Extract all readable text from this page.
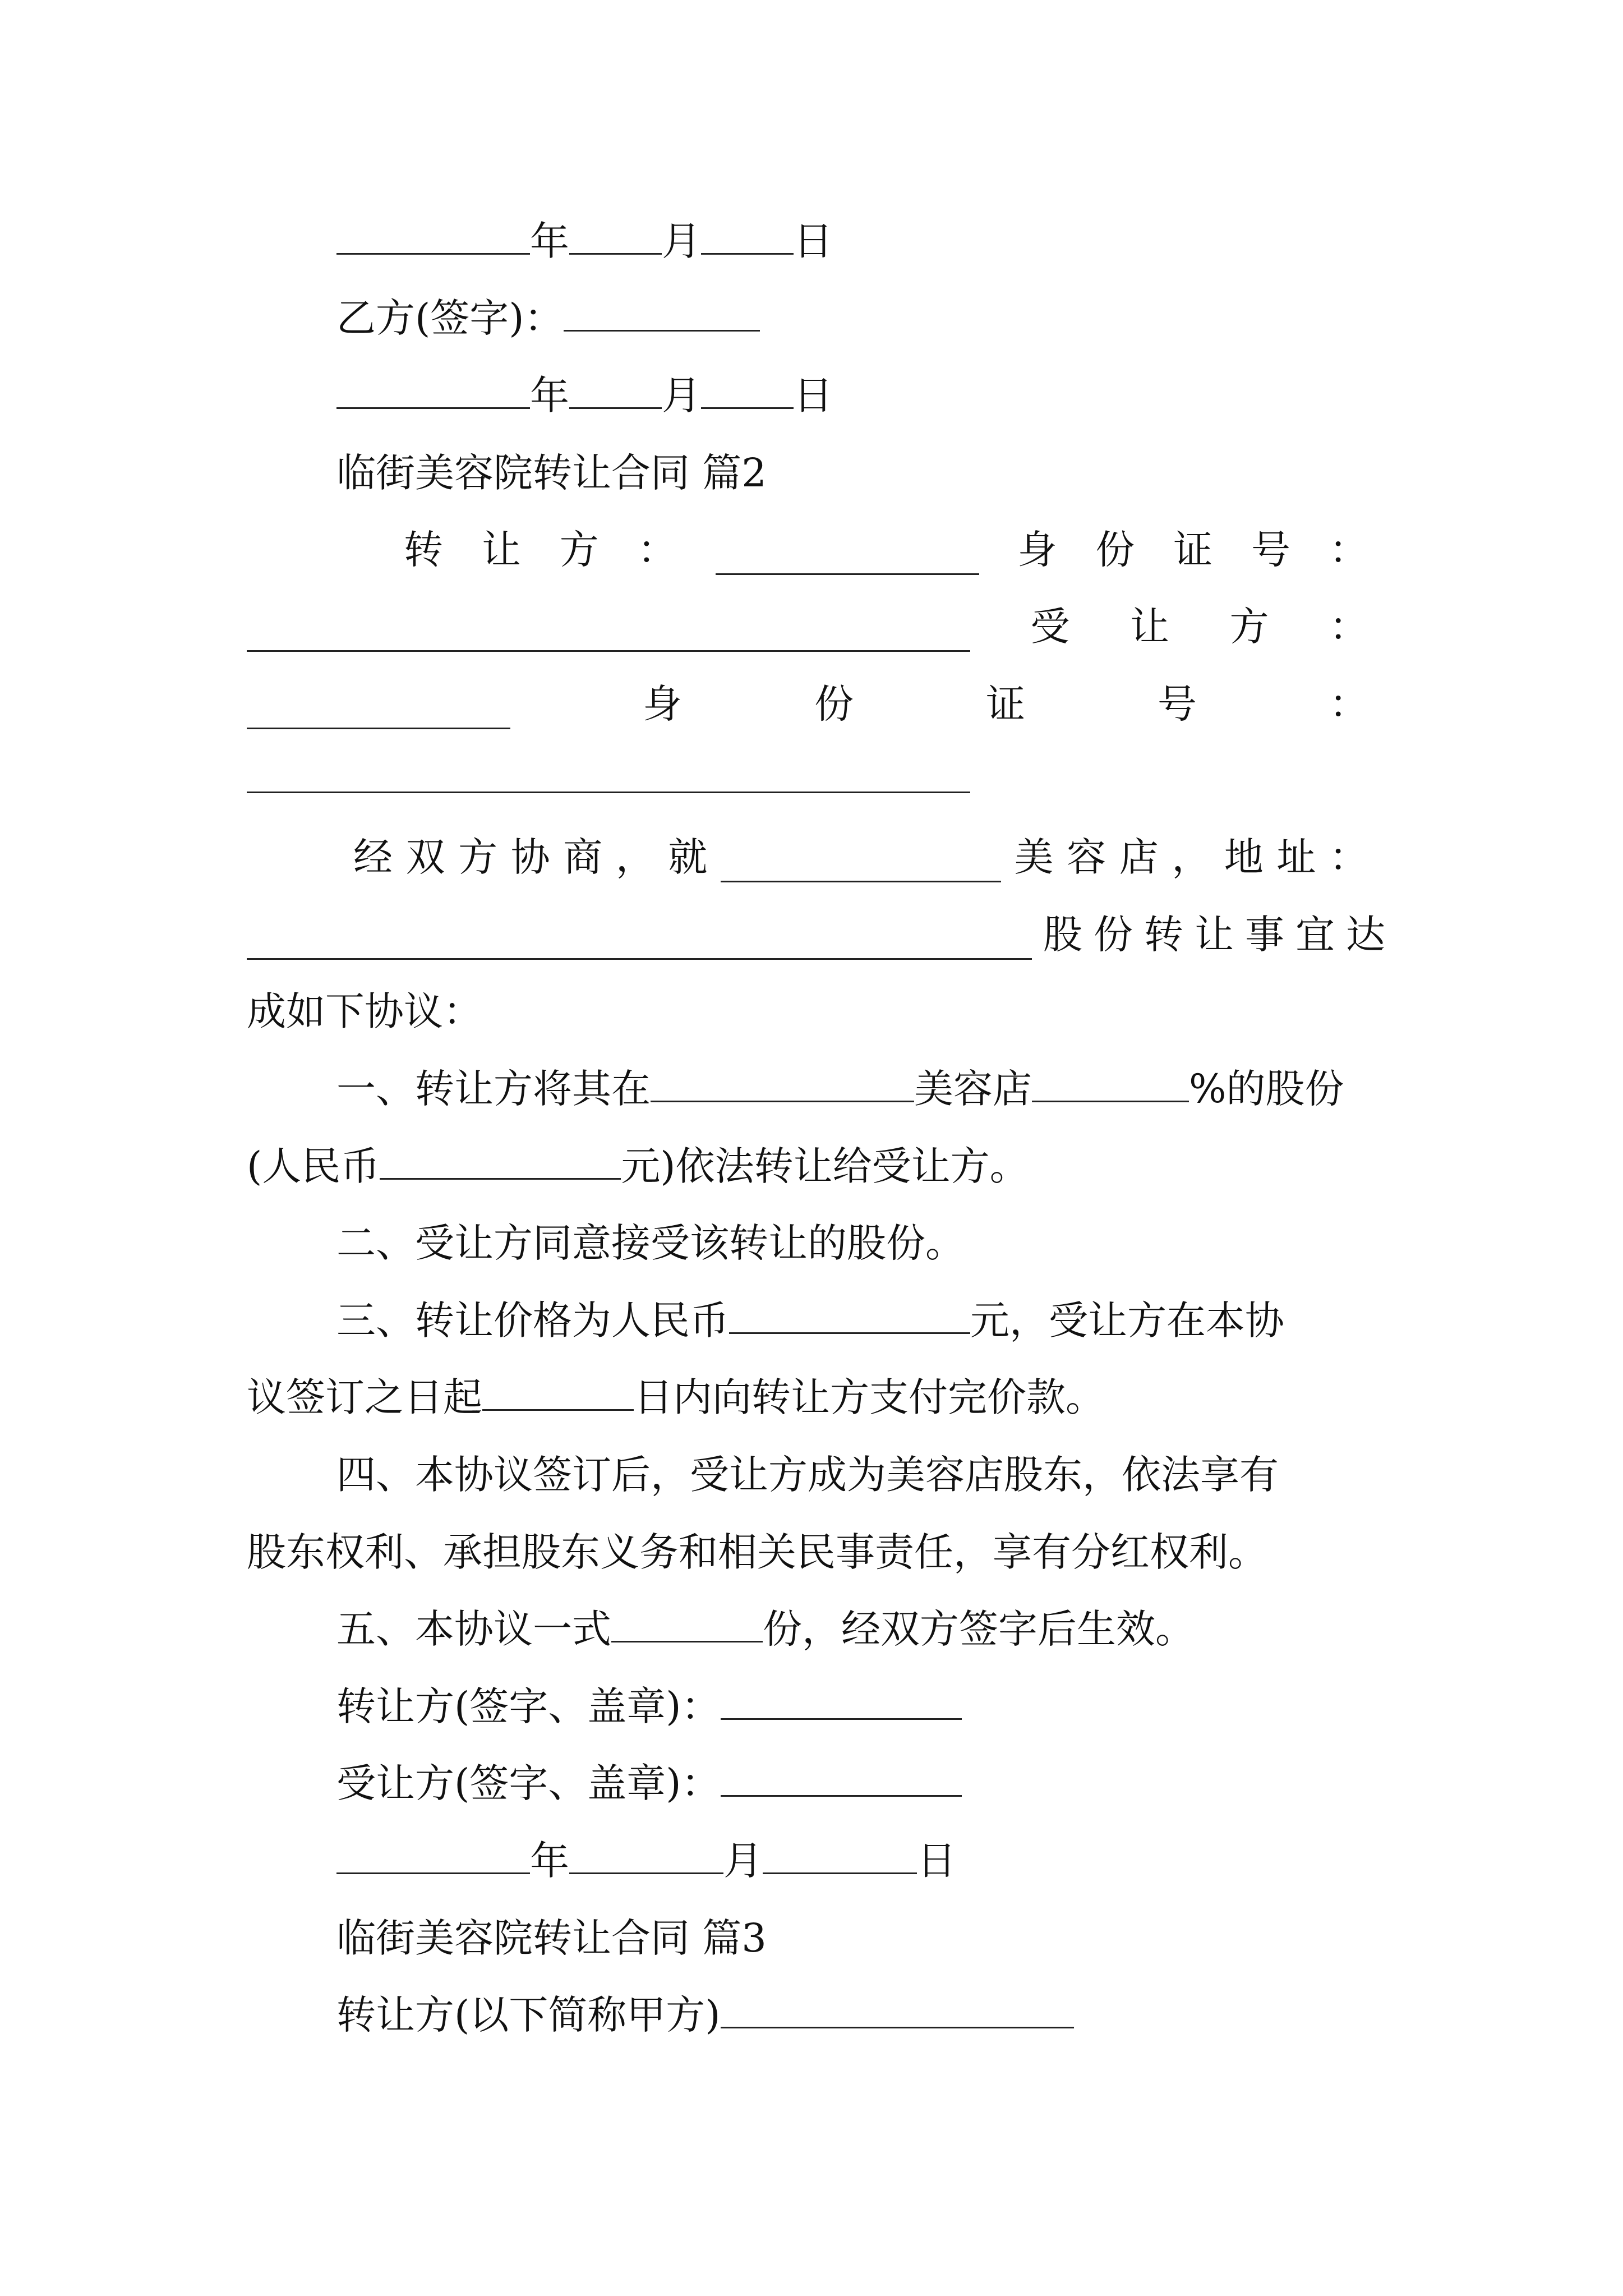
年 月 日
乙方(签字)：
年 月 日
临街美容院转让合同 篇2
转 让 方 ：	身 份 证 号 ：
受 让 方 ：
身	份	证	号	：
经 双 方 协 商 ， 就	美 容 店 ， 地 址 ：
股 份 转 让 事 宜 达
成如下协议：
一、转让方将其在	美容店	%的股份
(人民币	元)依法转让给受让方。
二、受让方同意接受该转让的股份。
三、转让价格为人民币	元，受让方在本协
议签订之日起	日内向转让方支付完价款。
四、本协议签订后，受让方成为美容店股东，依法享有
股东权利、承担股东义务和相关民事责任，享有分红权利。
五、本协议一式	份，经双方签字后生效。
转让方(签字、盖章)：
受让方(签字、盖章)：
年	月	日
临街美容院转让合同 篇3
转让方(以下简称甲方)
